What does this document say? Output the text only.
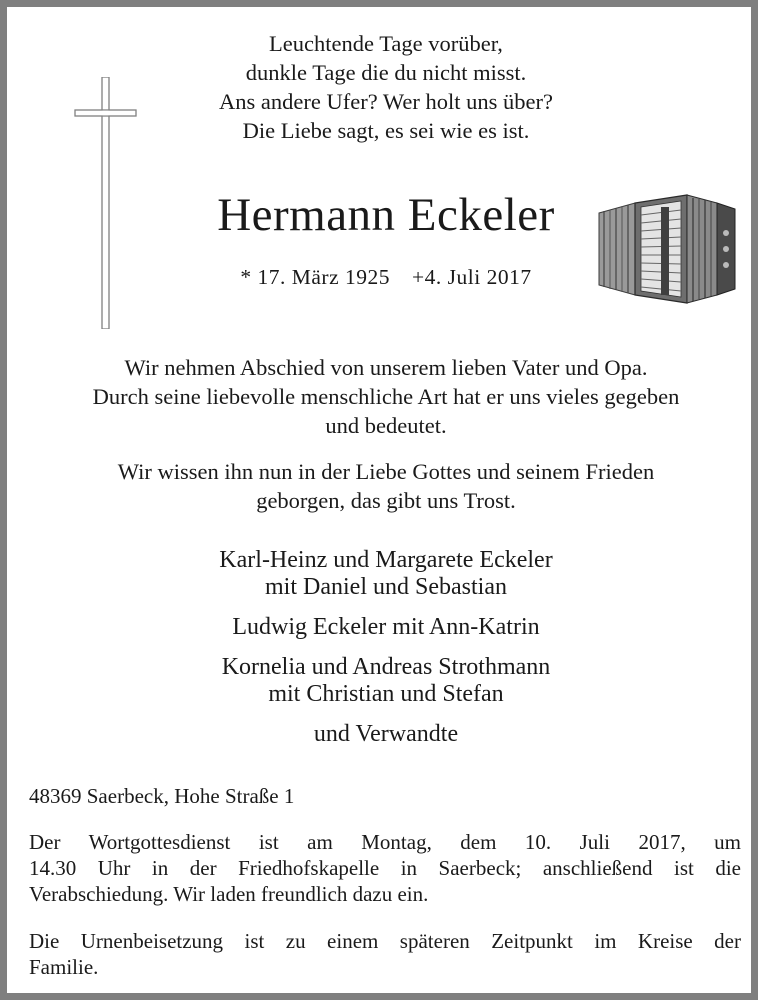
Leuchtende Tage vorüber,
dunkle Tage die du nicht misst.
Ans andere Ufer? Wer holt uns über?
Die Liebe sagt, es sei wie es ist.
Hermann Eckeler
* 17. März 1925 +4. Juli 2017
Wir nehmen Abschied von unserem lieben Vater und Opa.
Durch seine liebevolle menschliche Art hat er uns vieles gegeben
und bedeutet.
Wir wissen ihn nun in der Liebe Gottes und seinem Frieden
geborgen, das gibt uns Trost.
Karl-Heinz und Margarete Eckeler
mit Daniel und Sebastian
Ludwig Eckeler mit Ann-Katrin
Kornelia und Andreas Strothmann
mit Christian und Stefan
und Verwandte
48369 Saerbeck, Hohe Straße 1
Der Wortgottesdienst ist am Montag, dem 10. Juli 2017, um
14.30 Uhr in der Friedhofskapelle in Saerbeck; anschließend ist die
Verabschiedung. Wir laden freundlich dazu ein.
Die Urnenbeisetzung ist zu einem späteren Zeitpunkt im Kreise der
Familie.
